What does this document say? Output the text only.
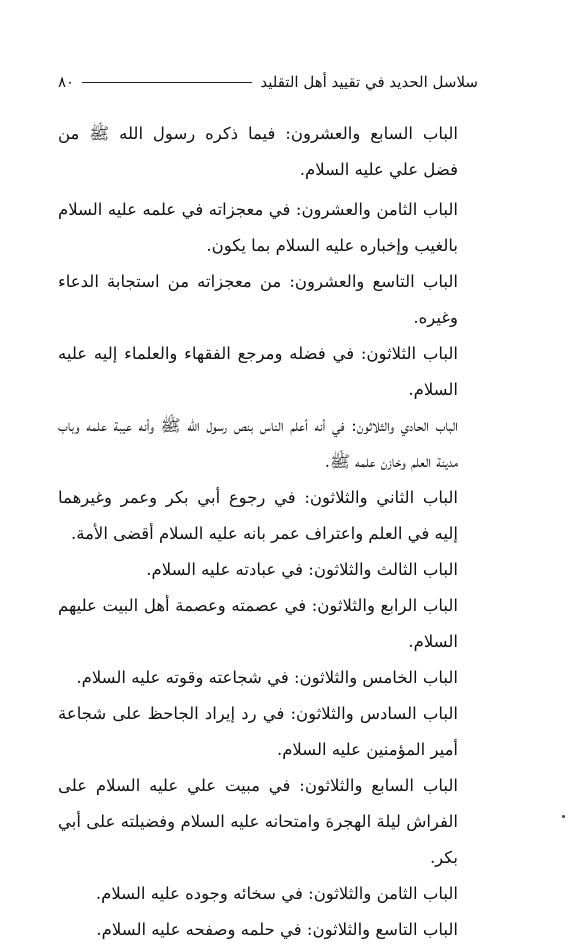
سلاسل الحديد في تقييد أهل التقليد
٨٠

الباب السابع والعشرون: فيما ذكره رسول الله ﷺ من فضل علي عليه السلام.

الباب الثامن والعشرون: في معجزاته في علمه عليه السلام بالغيب وإخباره عليه السلام بما يكون.

الباب التاسع والعشرون: من معجزاته من استجابة الدعاء وغيره.

الباب الثلاثون: في فضله ومرجع الفقهاء والعلماء إليه عليه السلام.

الباب الحادي والثلاثون: في أنه أعلم الناس بنص رسول الله ﷺ وأنه عيبة علمه وباب مدينة العلم وخازن علمه ﷺ.

الباب الثاني والثلاثون: في رجوع أبي بكر وعمر وغيرهما إليه في العلم واعتراف عمر بانه عليه السلام أقضى الأمة.

الباب الثالث والثلاثون: في عبادته عليه السلام.

الباب الرابع والثلاثون: في عصمته وعصمة أهل البيت عليهم السلام.

الباب الخامس والثلاثون: في شجاعته وقوته عليه السلام.

الباب السادس والثلاثون: في رد إيراد الجاحظ على شجاعة أمير المؤمنين عليه السلام.

الباب السابع والثلاثون: في مبيت علي عليه السلام على الفراش ليلة الهجرة وامتحانه عليه السلام وفضيلته على أبي بكر.

الباب الثامن والثلاثون: في سخائه وجوده عليه السلام.

الباب التاسع والثلاثون: في حلمه وصفحه عليه السلام.
